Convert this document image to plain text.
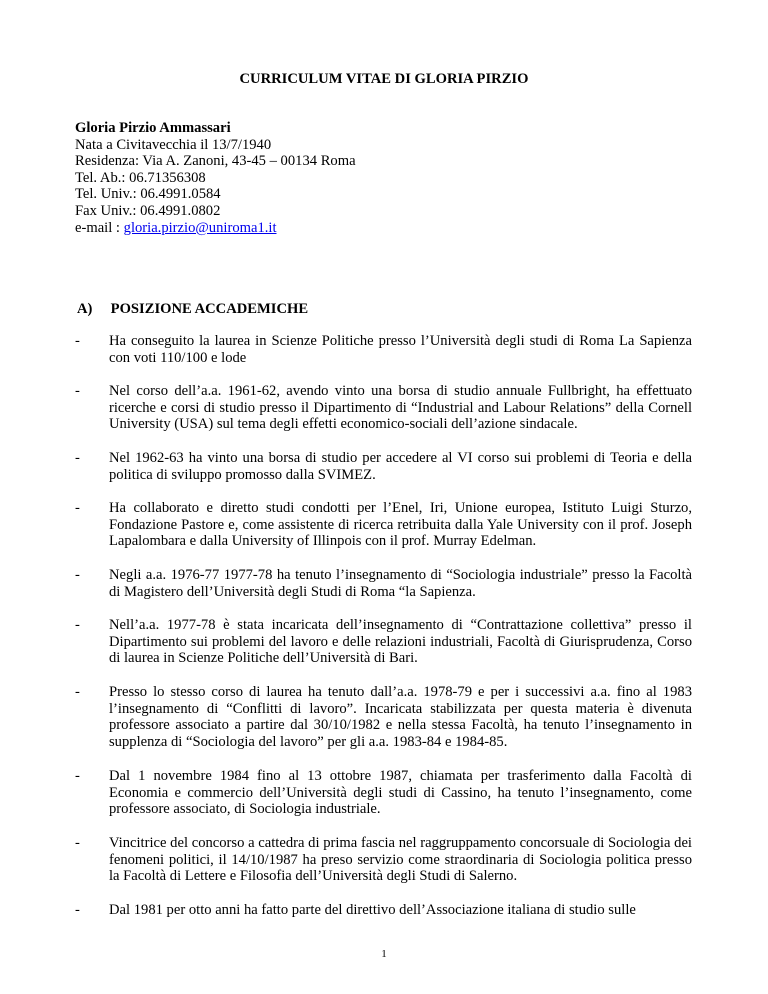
CURRICULUM VITAE DI GLORIA PIRZIO
Gloria Pirzio Ammassari
Nata a Civitavecchia il 13/7/1940
Residenza: Via A. Zanoni, 43-45 – 00134 Roma
Tel. Ab.: 06.71356308
Tel. Univ.: 06.4991.0584
Fax Univ.: 06.4991.0802
e-mail : gloria.pirzio@uniroma1.it
A) POSIZIONE ACCADEMICHE
- Ha conseguito la laurea in Scienze Politiche presso l’Università degli studi di Roma La Sapienza con voti 110/100 e lode
- Nel corso dell’a.a. 1961-62, avendo vinto una borsa di studio annuale Fullbright, ha effettuato ricerche e corsi di studio presso il Dipartimento di “Industrial and Labour Relations” della Cornell University (USA) sul tema degli effetti economico-sociali dell’azione sindacale.
- Nel 1962-63 ha vinto una borsa di studio per accedere al VI corso sui problemi di Teoria e della politica di sviluppo promosso dalla SVIMEZ.
- Ha collaborato e diretto studi condotti per l’Enel, Iri, Unione europea, Istituto Luigi Sturzo, Fondazione Pastore e, come assistente di ricerca retribuita dalla Yale University con il prof. Joseph Lapalombara e dalla University of Illinpois con il prof. Murray Edelman.
- Negli a.a. 1976-77 1977-78 ha tenuto l’insegnamento di “Sociologia industriale” presso la Facoltà di Magistero dell’Università degli Studi di Roma “la Sapienza.
- Nell’a.a. 1977-78 è stata incaricata dell’insegnamento di “Contrattazione collettiva” presso il Dipartimento sui problemi del lavoro e delle relazioni industriali, Facoltà di Giurisprudenza, Corso di laurea in Scienze Politiche dell’Università di Bari.
- Presso lo stesso corso di laurea ha tenuto dall’a.a. 1978-79 e per i successivi a.a. fino al 1983 l’insegnamento di “Conflitti di lavoro”. Incaricata stabilizzata per questa materia è divenuta professore associato a partire dal 30/10/1982 e nella stessa Facoltà, ha tenuto l’insegnamento in supplenza di “Sociologia del lavoro” per gli a.a. 1983-84 e 1984-85.
- Dal 1 novembre 1984 fino al 13 ottobre 1987, chiamata per trasferimento dalla Facoltà di Economia e commercio dell’Università degli studi di Cassino, ha tenuto l’insegnamento, come professore associato, di Sociologia industriale.
- Vincitrice del concorso a cattedra di prima fascia nel raggruppamento concorsuale di Sociologia dei fenomeni politici, il 14/10/1987 ha preso servizio come straordinaria di Sociologia politica presso la Facoltà di Lettere e Filosofia dell’Università degli Studi di Salerno.
- Dal 1981 per otto anni ha fatto parte del direttivo dell’Associazione italiana di studio sulle
1
